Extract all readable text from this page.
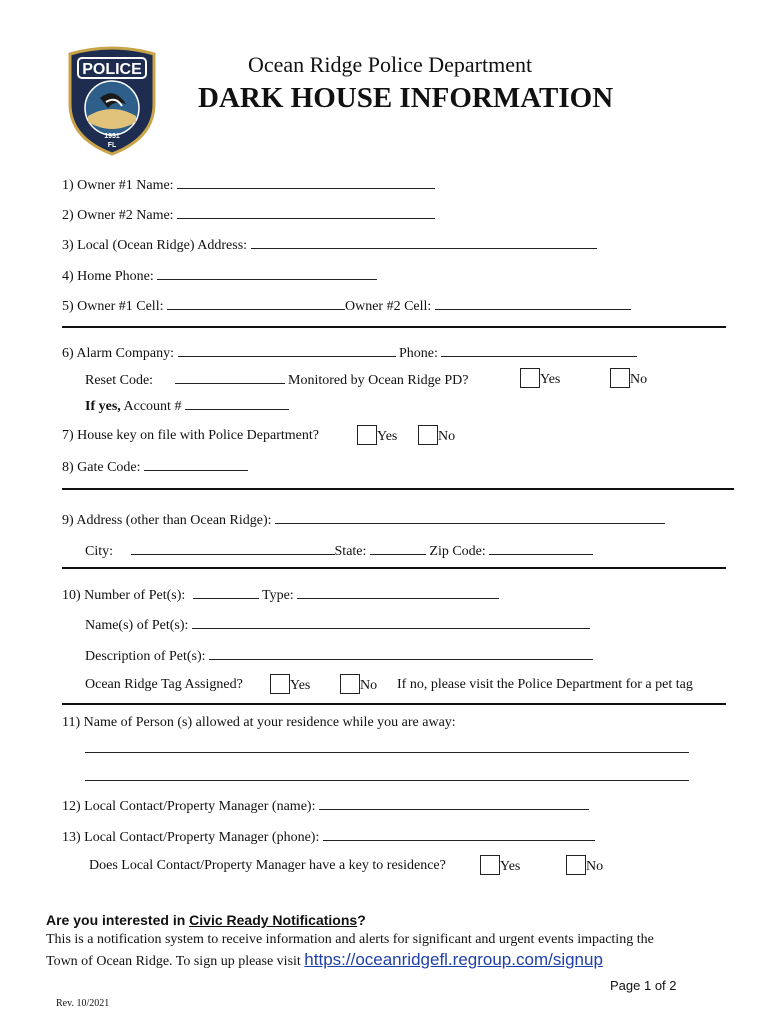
POLICE
1931
FL
Ocean Ridge Police Department
DARK HOUSE INFORMATION
1) Owner #1 Name:
2) Owner #2 Name:
3) Local (Ocean Ridge) Address:
4) Home Phone:
5) Owner #1 Cell:	Owner #2 Cell:
6) Alarm Company:	Phone:
Reset Code:	Monitored by Ocean Ridge PD?	Yes	No
If yes, Account #
7) House key on file with Police Department?	Yes	No
8) Gate Code:
9) Address (other than Ocean Ridge):
City:	State:	Zip Code:
10) Number of Pet(s):	Type:
Name(s) of Pet(s):
Description of Pet(s):
Ocean Ridge Tag Assigned?	Yes	No If no, please visit the Police Department for a pet tag
11) Name of Person (s) allowed at your residence while you are away:
12) Local Contact/Property Manager (name):
13) Local Contact/Property Manager (phone):
Does Local Contact/Property Manager have a key to residence?	Yes	No
Are you interested in Civic Ready Notifications?
This is a notification system to receive information and alerts for significant and urgent events impacting the
Town of Ocean Ridge. To sign up please visit https://oceanridgefl.regroup.com/signup
Page 1 of 2
Rev. 10/2021
